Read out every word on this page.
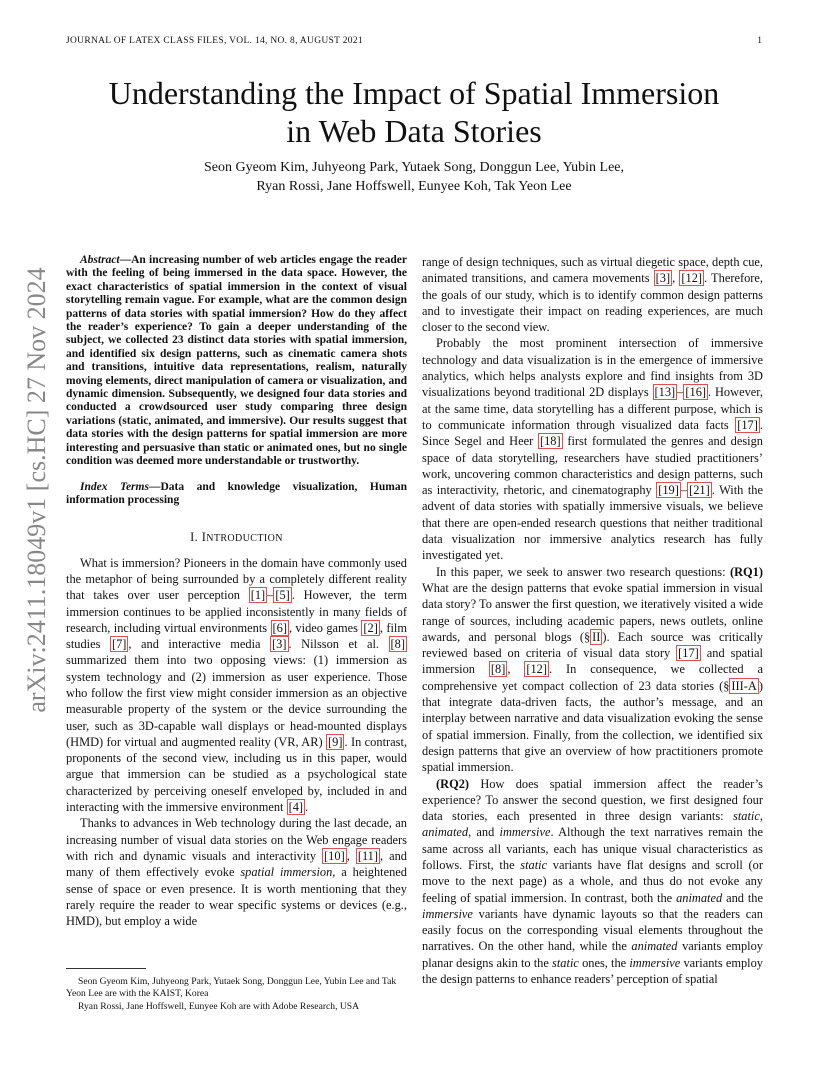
JOURNAL OF LATEX CLASS FILES, VOL. 14, NO. 8, AUGUST 2021	1
arXiv:2411.18049v1 [cs.HC] 27 Nov 2024
Understanding the Impact of Spatial Immersion
in Web Data Stories
Seon Gyeom Kim, Juhyeong Park, Yutaek Song, Donggun Lee, Yubin Lee,
Ryan Rossi, Jane Hoffswell, Eunyee Koh, Tak Yeon Lee

Abstract—An increasing number of web articles engage the reader with the feeling of being immersed in the data space. However, the exact characteristics of spatial immersion in the context of visual storytelling remain vague. For example, what are the common design patterns of data stories with spatial immersion? How do they affect the reader’s experience? To gain a deeper understanding of the subject, we collected 23 distinct data stories with spatial immersion, and identified six design patterns, such as cinematic camera shots and transitions, intuitive data representations, realism, naturally moving elements, direct manipulation of camera or visualization, and dynamic dimension. Subsequently, we designed four data stories and conducted a crowdsourced user study comparing three design variations (static, animated, and immersive). Our results suggest that data stories with the design patterns for spatial immersion are more interesting and persuasive than static or animated ones, but no single condition was deemed more understandable or trustworthy.

Index Terms—Data and knowledge visualization, Human information processing

I. INTRODUCTION

What is immersion? Pioneers in the domain have commonly used the metaphor of being surrounded by a completely different reality that takes over user perception [1] – [5] . However, the term immersion continues to be applied inconsistently in many fields of research, including virtual environments [6] , video games [2] , film studies [7] , and interactive media [3] . Nilsson et al. [8] summarized them into two opposing views: (1) immersion as system technology and (2) immersion as user experience. Those who follow the first view might consider immersion as an objective measurable property of the system or the device surrounding the user, such as 3D-capable wall displays or head-mounted displays (HMD) for virtual and augmented reality (VR, AR) [9] . In contrast, proponents of the second view, including us in this paper, would argue that immersion can be studied as a psychological state characterized by perceiving oneself enveloped by, included in and interacting with the immersive environment [4] .

Thanks to advances in Web technology during the last decade, an increasing number of visual data stories on the Web engage readers with rich and dynamic visuals and interactivity [10] , [11] , and many of them effectively evoke spatial immersion, a heightened sense of space or even presence. It is worth mentioning that they rarely require the reader to wear specific systems or devices (e.g., HMD), but employ a wide

Seon Gyeom Kim, Juhyeong Park, Yutaek Song, Donggun Lee, Yubin Lee and Tak Yeon Lee are with the KAIST, Korea

Ryan Rossi, Jane Hoffswell, Eunyee Koh are with Adobe Research, USA

range of design techniques, such as virtual diegetic space, depth cue, animated transitions, and camera movements [3] , [12] . Therefore, the goals of our study, which is to identify common design patterns and to investigate their impact on reading experiences, are much closer to the second view.

Probably the most prominent intersection of immersive technology and data visualization is in the emergence of immersive analytics, which helps analysts explore and find insights from 3D visualizations beyond traditional 2D displays [13] – [16] . However, at the same time, data storytelling has a different purpose, which is to communicate information through visualized data facts [17] . Since Segel and Heer [18] first formulated the genres and design space of data storytelling, researchers have studied practitioners’ work, uncovering common characteristics and design patterns, such as interactivity, rhetoric, and cinematography [19] – [21] . With the advent of data stories with spatially immersive visuals, we believe that there are open-ended research questions that neither traditional data visualization nor immersive analytics research has fully investigated yet.

In this paper, we seek to answer two research questions: (RQ1) What are the design patterns that evoke spatial immersion in visual data story? To answer the first question, we iteratively visited a wide range of sources, including academic papers, news outlets, online awards, and personal blogs (§ II ). Each source was critically reviewed based on criteria of visual data story [17] and spatial immersion [8] , [12] . In consequence, we collected a comprehensive yet compact collection of 23 data stories (§ III-A ) that integrate data-driven facts, the author’s message, and an interplay between narrative and data visualization evoking the sense of spatial immersion. Finally, from the collection, we identified six design patterns that give an overview of how practitioners promote spatial immersion.

(RQ2) How does spatial immersion affect the reader’s experience? To answer the second question, we first designed four data stories, each presented in three design variants: static, animated, and immersive. Although the text narratives remain the same across all variants, each has unique visual characteristics as follows. First, the static variants have flat designs and scroll (or move to the next page) as a whole, and thus do not evoke any feeling of spatial immersion. In contrast, both the animated and the immersive variants have dynamic layouts so that the readers can easily focus on the corresponding visual elements throughout the narratives. On the other hand, while the animated variants employ planar designs akin to the static ones, the immersive variants employ the design patterns to enhance readers’ perception of spatial
